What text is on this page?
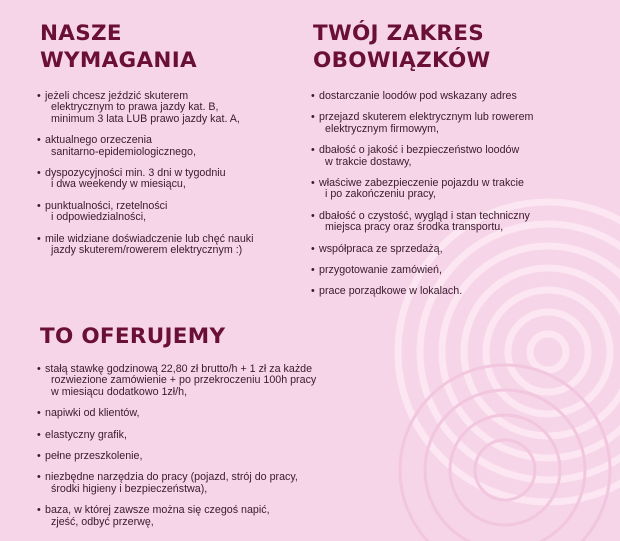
NASZE
WYMAGANIA
• jeżeli chcesz jeździć skuterem
elektrycznym to prawa jazdy kat. B,
minimum 3 lata LUB prawo jazdy kat. A,
• aktualnego orzeczenia
sanitarno-epidemiologicznego,
• dyspozycyjności min. 3 dni w tygodniu
i dwa weekendy w miesiącu,
• punktualności, rzetelności
i odpowiedzialności,
• mile widziane doświadczenie lub chęć nauki
jazdy skuterem/rowerem elektrycznym :)
TWÓJ ZAKRES
OBOWIĄZKÓW
• dostarczanie loodów pod wskazany adres
• przejazd skuterem elektrycznym lub rowerem
elektrycznym firmowym,
• dbałość o jakość i bezpieczeństwo loodów
w trakcie dostawy,
• właściwe zabezpieczenie pojazdu w trakcie
i po zakończeniu pracy,
• dbałość o czystość, wygląd i stan techniczny
miejsca pracy oraz środka transportu,
• współpraca ze sprzedażą,
• przygotowanie zamówień,
• prace porządkowe w lokalach.
TO OFERUJEMY
• stałą stawkę godzinową 22,80 zł brutto/h + 1 zł za każde
rozwiezione zamówienie + po przekroczeniu 100h pracy
w miesiącu dodatkowo 1zł/h,
• napiwki od klientów,
• elastyczny grafik,
• pełne przeszkolenie,
• niezbędne narzędzia do pracy (pojazd, strój do pracy,
środki higieny i bezpieczeństwa),
• baza, w której zawsze można się czegoś napić,
zjeść, odbyć przerwę,
